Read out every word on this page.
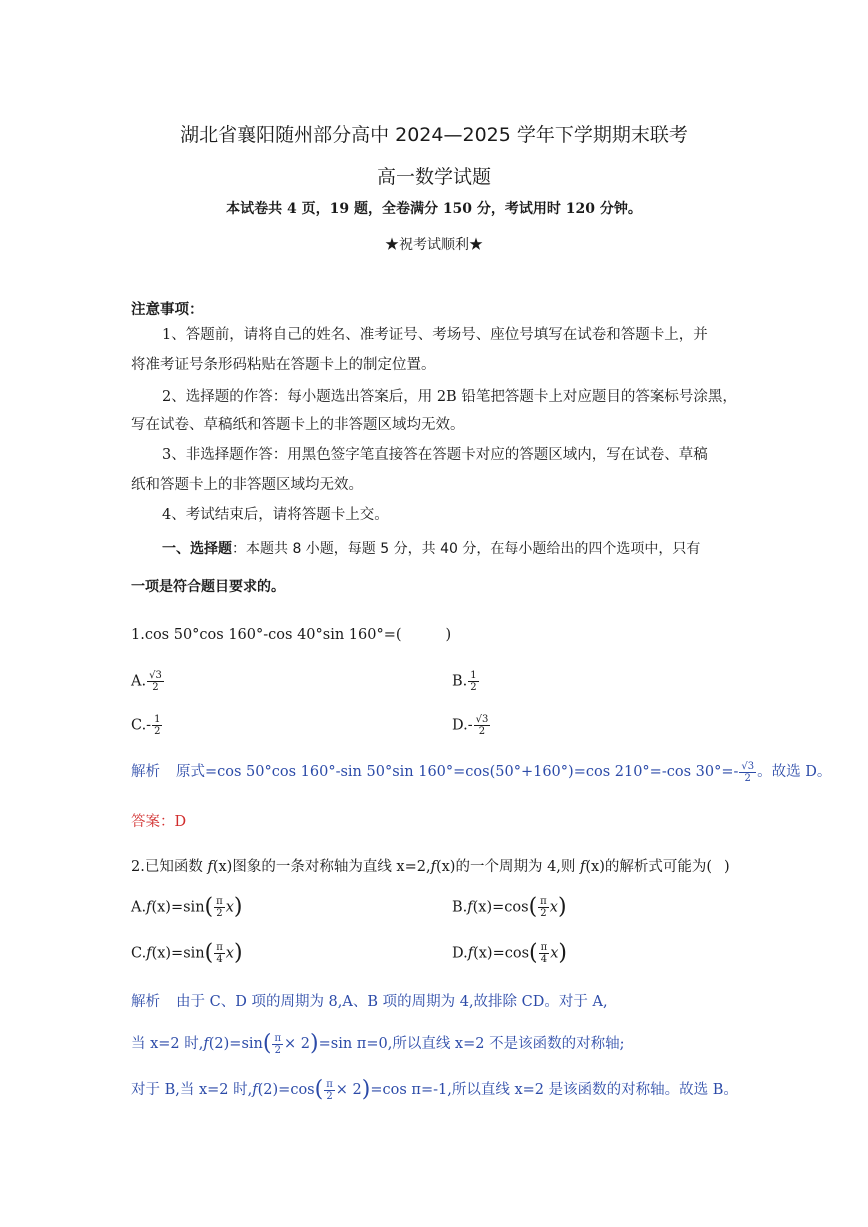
湖北省襄阳随州部分高中 2024—2025 学年下学期期末联考
高一数学试题
本试卷共 4 页，19 题，全卷满分 150 分，考试用时 120 分钟。
★祝考试顺利★
注意事项：
1、答题前，请将自己的姓名、准考证号、考场号、座位号填写在试卷和答题卡上，并
将准考证号条形码粘贴在答题卡上的制定位置。
2、选择题的作答：每小题选出答案后，用 2B 铅笔把答题卡上对应题目的答案标号涂黑，
写在试卷、草稿纸和答题卡上的非答题区域均无效。
3、非选择题作答：用黑色签字笔直接答在答题卡对应的答题区域内，写在试卷、草稿
纸和答题卡上的非答题区域均无效。
4、考试结束后，请将答题卡上交。
一、选择题：本题共 8 小题，每题 5 分，共 40 分，在每小题给出的四个选项中，只有
一项是符合题目要求的。
1.cos 50°cos 160°-cos 40°sin 160°=(	)
A. $\frac{√3}{2}$	B. $\frac{1}{2}$
$C.- \frac{1}{2}$	$D.- \frac{√3}{2}$
解析 原式=cos 50°cos 160°-sin 50°sin 160°=cos(50°+160°)=cos 210°=-cos $30^\circ=- \frac{√3}{2}$ 。故选 D。
答案：D
2.已知函数 f(x)图象的一条对称轴为直线 x=2,f(x)的一个周期为 4,则 f(x)的解析式可能为( )
$A.f(x)=\sin( \frac{\pi}{2} x)$	$B.f(x)=\cos( \frac{\pi}{2} x)$
$C.f(x)=\sin( \frac{\pi}{4} x)$	$D.f(x)=\cos( \frac{\pi}{4} x)$
解析 由于 C、D 项的周期为 8,A、B 项的周期为 4,故排除 CD。对于 A,
当 x=2 时$,f(2)=\sin( \frac{\pi}{2} \times 2)=\sin$ π=0,所以直线 x=2 不是该函数的对称轴;
对于 B,当 x=2 时$,f(2)=\cos( \frac{\pi}{2} \times 2)=\cos$ π=-1,所以直线 x=2 是该函数的对称轴。故选 B。
